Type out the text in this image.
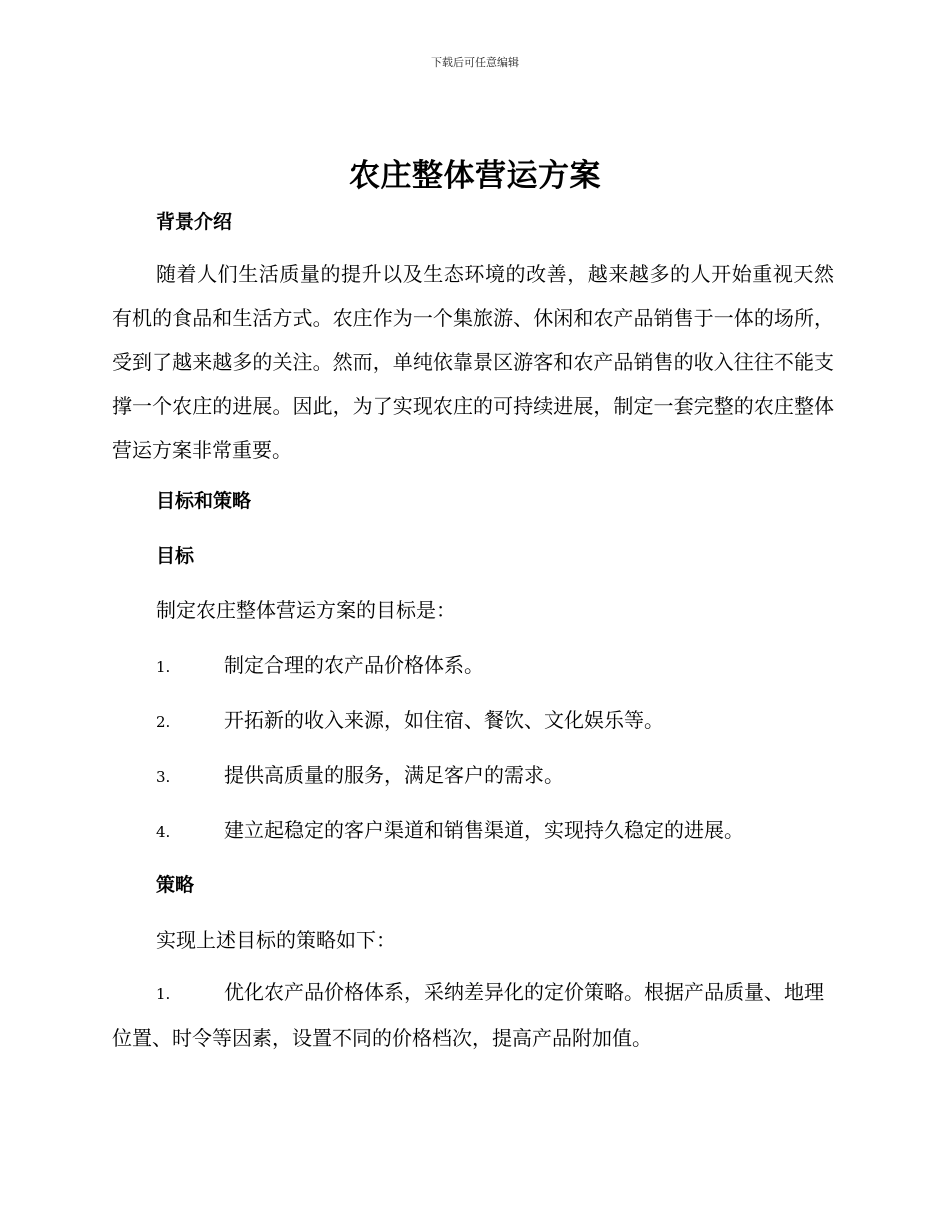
下载后可任意编辑
农庄整体营运方案
背景介绍
随着人们生活质量的提升以及生态环境的改善，越来越多的人开始重视天然有机的食品和生活方式。农庄作为一个集旅游、休闲和农产品销售于一体的场所，受到了越来越多的关注。然而，单纯依靠景区游客和农产品销售的收入往往不能支撑一个农庄的进展。因此，为了实现农庄的可持续进展，制定一套完整的农庄整体营运方案非常重要。
目标和策略
目标
制定农庄整体营运方案的目标是：
1.	制定合理的农产品价格体系。
2.	开拓新的收入来源，如住宿、餐饮、文化娱乐等。
3.	提供高质量的服务，满足客户的需求。
4.	建立起稳定的客户渠道和销售渠道，实现持久稳定的进展。
策略
实现上述目标的策略如下：
1.	优化农产品价格体系，采纳差异化的定价策略。根据产品质量、地理位置、时令等因素，设置不同的价格档次，提高产品附加值。
